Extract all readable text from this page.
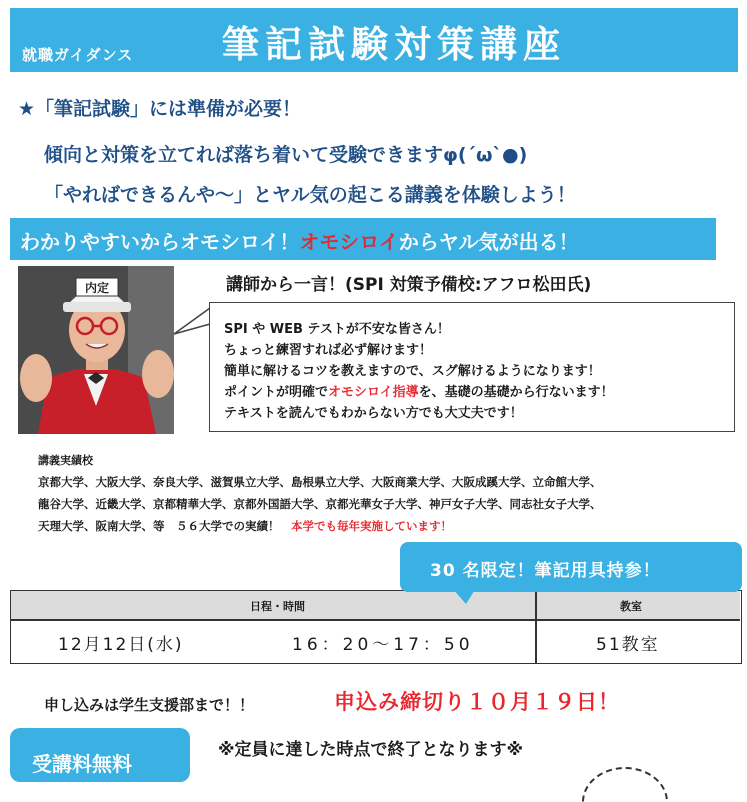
就職ガイダンス 筆記試験対策講座
★「筆記試験」には準備が必要！
傾向と対策を立てれば落ち着いて受験できますφ(´ω`●)
「やればできるんや～」とヤル気の起こる講義を体験しよう！
わかりやすいからオモシロイ！オモシロイからヤル気が出る！
内定	講師から一言！(SPI 対策予備校:アフロ松田氏)
SPI や WEB テストが不安な皆さん！
ちょっと練習すれば必ず解けます！
簡単に解けるコツを教えますので、スグ解けるようになります！
ポイントが明確でオモシロイ指導を、基礎の基礎から行ないます！
テキストを読んでもわからない方でも大丈夫です！
講義実績校
京都大学、大阪大学、奈良大学、滋賀県立大学、島根県立大学、大阪商業大学、大阪成蹊大学、立命館大学、
龍谷大学、近畿大学、京都精華大学、京都外国語大学、京都光華女子大学、神戸女子大学、同志社女子大学、
天理大学、阪南大学、等　５６大学での実績！　 本学でも毎年実施しています！
日程・時間	教室
12月12日(水)	16：20～17：50	51教室
30 名限定！筆記用具持参！
申し込みは学生支援部まで！！	申込み締切り１０月１９日！
受講料無料
※定員に達した時点で終了となります※
